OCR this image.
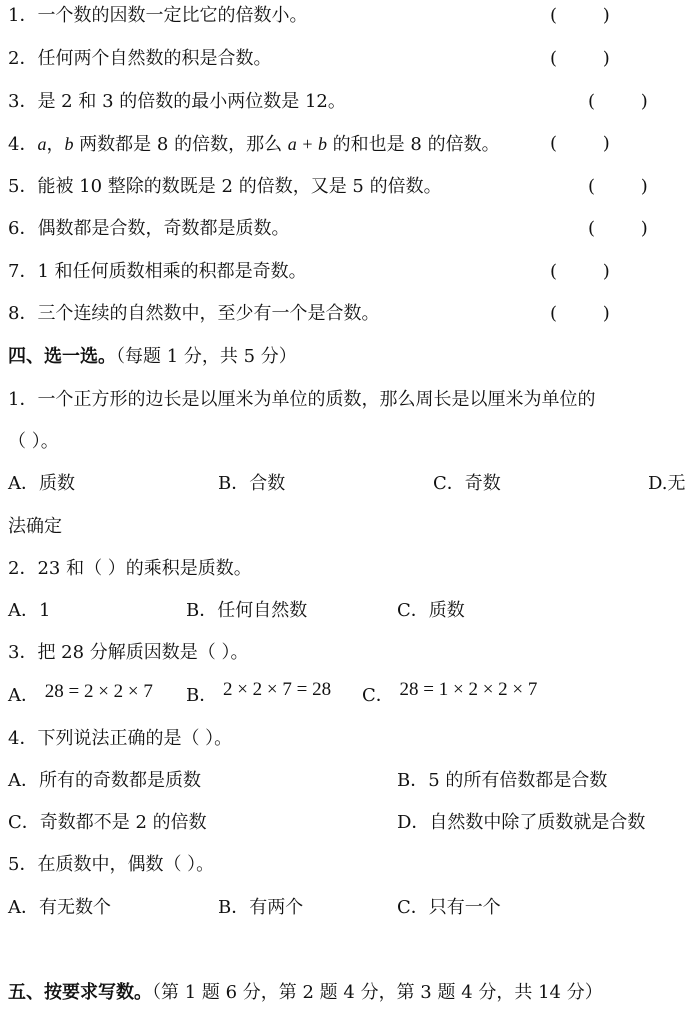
1．一个数的因数一定比它的倍数小。	(        )
2．任何两个自然数的积是合数。	(        )
3．是 2 和 3 的倍数的最小两位数是 12。	(        )
4．a，b 两数都是 8 的倍数，那么 a + b 的和也是 8 的倍数。	(        )
5．能被 10 整除的数既是 2 的倍数，又是 5 的倍数。	(        )
6．偶数都是合数，奇数都是质数。	(        )
7．1 和任何质数相乘的积都是奇数。	(        )
8．三个连续的自然数中，至少有一个是合数。	(        )
四、选一选。（每题 1 分，共 5 分）
1．一个正方形的边长是以厘米为单位的质数，那么周长是以厘米为单位的
（ ）。
A．质数	B．合数	C．奇数	D.无
法确定
2．23 和（ ）的乘积是质数。
A．1	B．任何自然数	C．质数
3．把 28 分解质因数是（ ）。
A． 28 = 2 × 2 × 7 B． 2 × 2 × 7 = 28 C． 28 = 1 × 2 × 2 × 7
4．下列说法正确的是（ ）。
A．所有的奇数都是质数	B．5 的所有倍数都是合数
C．奇数都不是 2 的倍数	D．自然数中除了质数就是合数
5．在质数中，偶数（ ）。
A．有无数个	B．有两个	C．只有一个
五、按要求写数。（第 1 题 6 分，第 2 题 4 分，第 3 题 4 分，共 14 分）
